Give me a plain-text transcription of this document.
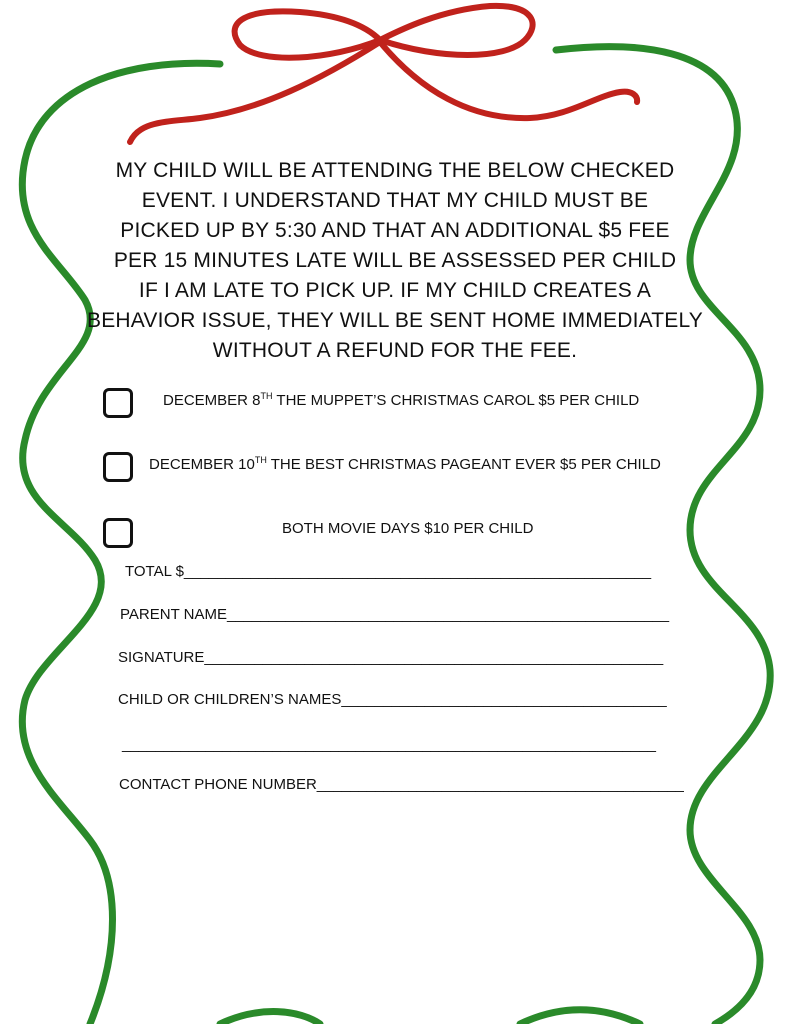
MY CHILD WILL BE ATTENDING THE BELOW CHECKED
EVENT. I UNDERSTAND THAT MY CHILD MUST BE
PICKED UP BY 5:30 AND THAT AN ADDITIONAL $5 FEE
PER 15 MINUTES LATE WILL BE ASSESSED PER CHILD
IF I AM LATE TO PICK UP. IF MY CHILD CREATES A
BEHAVIOR ISSUE, THEY WILL BE SENT HOME IMMEDIATELY
WITHOUT A REFUND FOR THE FEE.
DECEMBER 8TH THE MUPPET’S CHRISTMAS CAROL $5 PER CHILD
DECEMBER 10TH THE BEST CHRISTMAS PAGEANT EVER $5 PER CHILD
BOTH MOVIE DAYS $10 PER CHILD
TOTAL $________________________________________________________
PARENT NAME_____________________________________________________
SIGNATURE_______________________________________________________
CHILD OR CHILDREN’S NAMES_______________________________________
________________________________________________________________
CONTACT PHONE NUMBER____________________________________________
